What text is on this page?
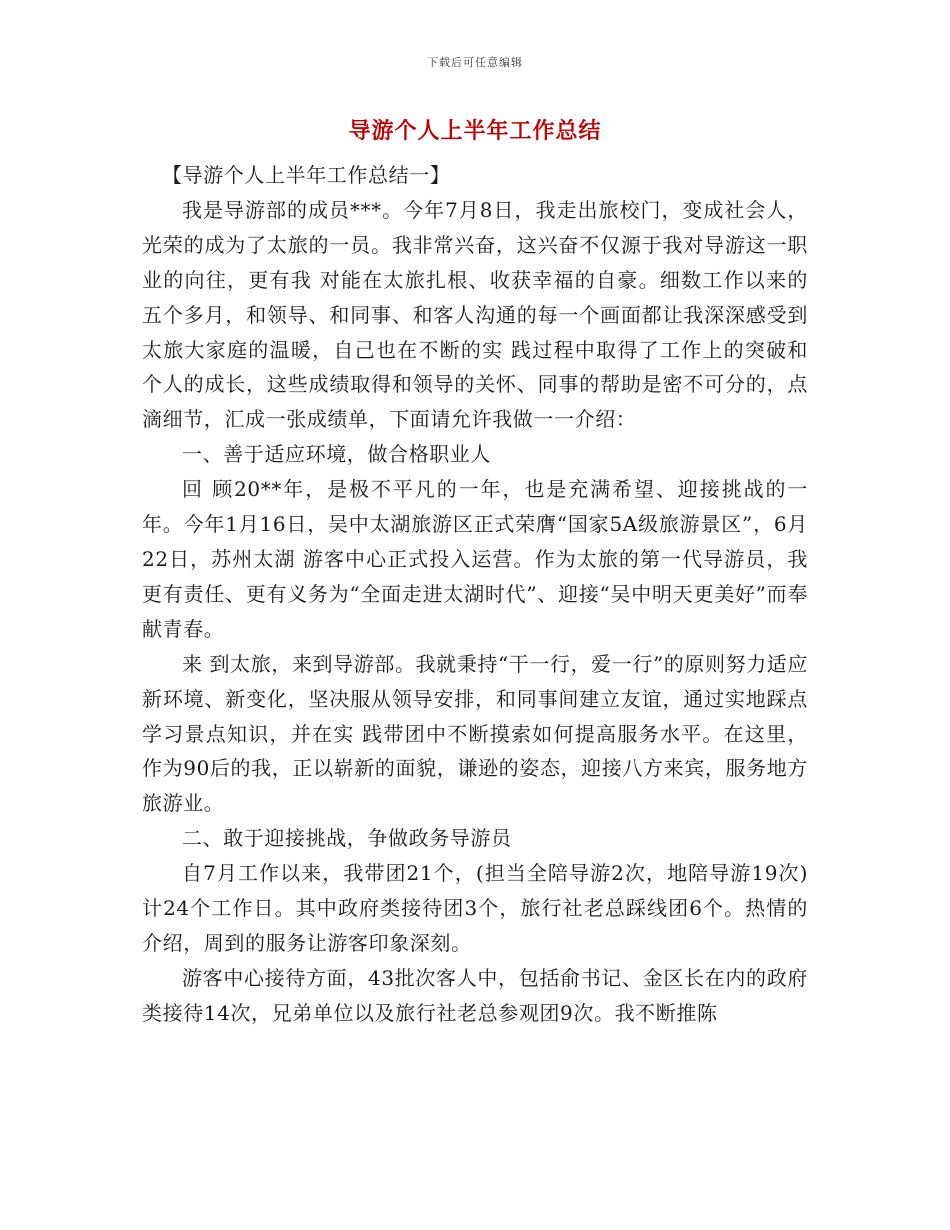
下载后可任意编辑
导游个人上半年工作总结

【导游个人上半年工作总结一】

我是导游部的成员***。今年7月8日，我走出旅校门，变成社会人，光荣的成为了太旅的一员。我非常兴奋，这兴奋不仅源于我对导游这一职业的向往，更有我 对能在太旅扎根、收获幸福的自豪。细数工作以来的五个多月，和领导、和同事、和客人沟通的每一个画面都让我深深感受到太旅大家庭的温暖，自己也在不断的实 践过程中取得了工作上的突破和个人的成长，这些成绩取得和领导的关怀、同事的帮助是密不可分的，点滴细节，汇成一张成绩单，下面请允许我做一一介绍：

一、善于适应环境，做合格职业人

回 顾20**年，是极不平凡的一年，也是充满希望、迎接挑战的一年。今年1月16日，吴中太湖旅游区正式荣膺“国家5A级旅游景区”，6月22日，苏州太湖 游客中心正式投入运营。作为太旅的第一代导游员，我更有责任、更有义务为“全面走进太湖时代”、迎接“吴中明天更美好”而奉献青春。

来 到太旅，来到导游部。我就秉持“干一行，爱一行”的原则努力适应新环境、新变化，坚决服从领导安排，和同事间建立友谊，通过实地踩点学习景点知识，并在实 践带团中不断摸索如何提高服务水平。在这里，作为90后的我，正以崭新的面貌，谦逊的姿态，迎接八方来宾，服务地方旅游业。

二、敢于迎接挑战，争做政务导游员

自7月工作以来，我带团21个，(担当全陪导游2次，地陪导游19次)计24个工作日。其中政府类接待团3个，旅行社老总踩线团6个。热情的介绍，周到的服务让游客印象深刻。

游客中心接待方面，43批次客人中，包括俞书记、金区长在内的政府类接待14次，兄弟单位以及旅行社老总参观团9次。我不断推陈
